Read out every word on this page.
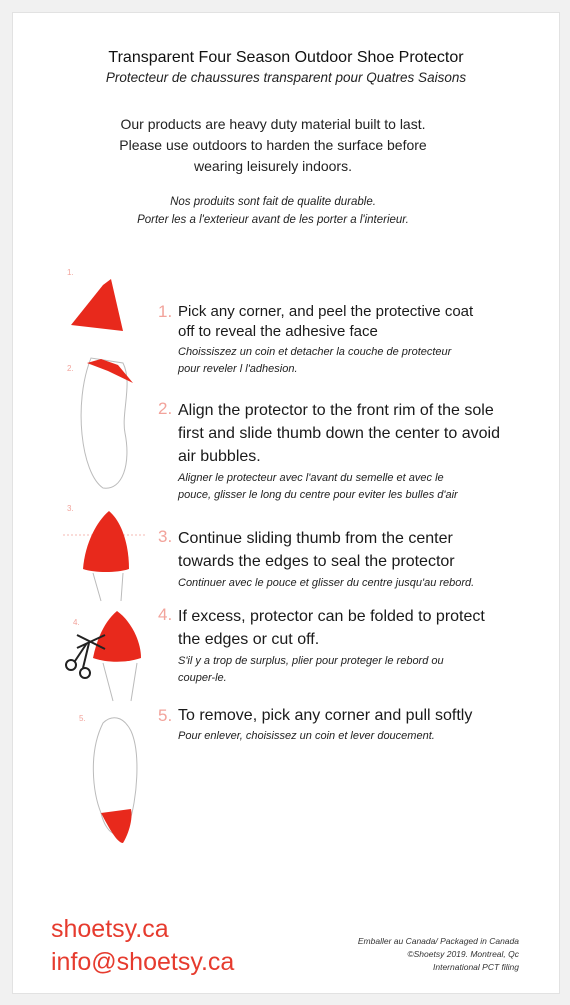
Transparent Four Season Outdoor Shoe Protector
Protecteur de chaussures transparent pour Quatres Saisons
Our products are heavy duty material built to last.
Please use outdoors to harden the surface before
wearing leisurely indoors.
Nos produits sont fait de qualite durable.
Porter les a l'exterieur avant de les porter a l'interieur.
1.
2.
3.
4.
5.
1. Pick any corner, and peel the protective coat
off to reveal the adhesive face
Choissiszez un coin et detacher la couche de protecteur
pour reveler l l'adhesion.
2. Align the protector to the front rim of the sole
first and slide thumb down the center to avoid
air bubbles.
Aligner le protecteur avec l'avant du semelle et avec le
pouce, glisser le long du centre pour eviter les bulles d'air
3. Continue sliding thumb from the center
towards the edges to seal the protector
Continuer avec le pouce et glisser du centre jusqu'au rebord.
4. If excess, protector can be folded to protect
the edges or cut off.
S'il y a trop de surplus, plier pour proteger le rebord ou
couper-le.
5. To remove, pick any corner and pull softly
Pour enlever, choisissez un coin et lever doucement.
shoetsy.ca
info@shoetsy.ca
Emballer au Canada/ Packaged in Canada
©Shoetsy 2019. Montreal, Qc
International PCT filing
